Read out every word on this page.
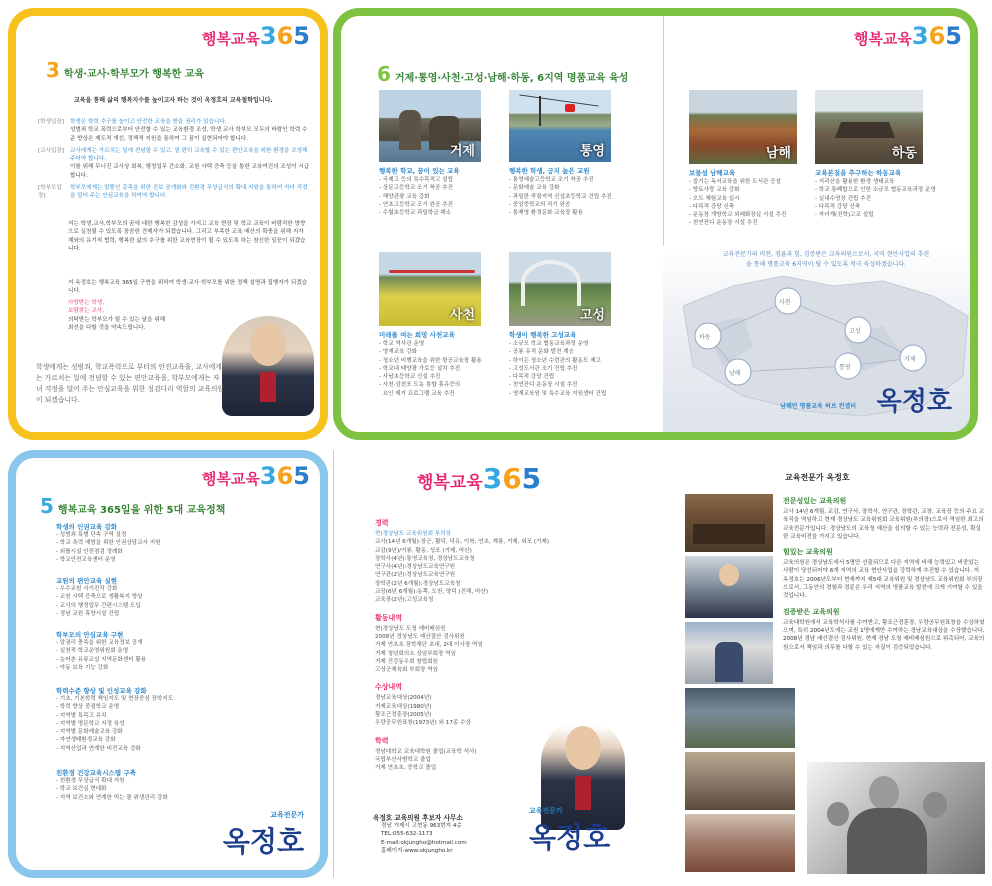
행복교육365
3 학생·교사·학부모가 행복한 교육
교육을 통해 삶의 행복지수를 높이고자 하는 것이 옥정호의 교육철학입니다.
[학생입장]	학생은 학력 추구를 높이고 안전한 교육을 받을 권리가 있습니다.
성범죄 학교 폭력으로부터 안전할 수 있는 교육환경 조성, 학생 교사 학부모 모두의 바람인 학력 수준 향상은 제도적 개선, 정책적 지원을 통하여 그 꿈이 실현되어야 합니다.
[교사입장]	교사에게는 가르치는 일에 전념할 수 있고, 열 편히 교육할 수 있는 편안교육을 위한 환경을 조성해 주어야 합니다.
이를 위해 무너진 교사상 회복, 행정업무 간소화, 교원 사택 증축 등을 통한 교육여건의 조성이 시급합니다.
[학부모입장]
학부모에게는 말뿐인 총족을 위한 진보 공개화와 진환경 무상급식의 확대 지원을 통하여 자녀 걱정을 덜어 주는 안심교육을 하여야 합니다.
저는 학생,교사,학부모의 꿈에 대한 행복한 감성을 가지고 교육 현장 및 학교 교육이 바람직한 방향으로 실천될 수 있도록 꼼꼼한 견제자가 되겠습니다. 그리고 부족한 교육 예산의 확충을 위해 지자체와의 유기적 협력, 행복한 삶의 추구를 위한 교육현장이 될 수 있도록 하는 참신한 일꾼이 되겠습니다.
저 옥정호는 행복교육 365일 구현을 위하여 학생·교사·학부모를 위한 정책 설명과 집행자가 되겠습니다.
사랑받는 학생,
보람찾는 교사,
의탁받는 학부모가 될 수 있는 날을 위해
최선을 다할 것을 약속드립니다.
학생에게는 성범죄, 학교폭력으로 부터의 안전교육을, 교사에게는 가르치는 일에 전념할 수 있는 편안교육을, 학부모에게는 자녀 걱정을 덜어 주는 안심교육을 위한 징검다리 역할의 교육의원이 되겠습니다.
행복교육365
6 거제·통영·사천·고성·남해·하동, 6지역 명품교육 육성
거제
행복한 학교, 꿈이 있는 교육
- 국제고 등의 특수목적고 설립
- 상문고등학교 조기 착공 추진
- 해양관광 교육 강화
- 연초고등학교 조기 완공 추진
- 수월초등학교 과밀학급 해소
통영
행복한 학생, 긍지 높은 교원
- 통영예술고등학교 조기 착공 추진
- 문화예술 교육 강화
- 과밀한 죽림지역 신설초등학교 건립 추진
- 중앙중학교의 직기 완공
- 통제영 환경문화 교육장 활용
남해
보물섬 남해교육
- 즐기는 독서교육을 위한 도서관 증설
- 향토사랑 교육 강화
- 오트 체험교육 실시
- 다목적 강당 신축
- 운동장 개방학교 외래화장실 시설 추진
- 천연잔디 운동장 시설 추진
하동
교육본질을 추구하는 하동교육
- 지리산을 활용한 환경 생태교육
- 학교 통폐합으로 인한 소규모 협동교육과정 운영
- 실내수영장 건립 추진
- 다목적 강당 신축
- 자녀계(진학)고교 설립
사천
미래를 여는 희망 사천교육
- 학교 역사관 운영
- 영재교육 강화
- 청소년 비행교육을 위한 항공교육장 활용
- 학교내 태양광 가로등 설치 추진
- 사남초등학교 신설 추진
- 사천·삼천포 도농 통합 휴유증의
요인 제거 프로그램 교육 추진
고성
학생이 행복한 고성교육
- 소규모 학교 협동교육과정 운영
- 공룡 유적 문화 발전 계승
- 하이든 청소년 수련관의 활동도 제고
- 고성도서관 조기 건립 추진
- 다목적 강당 건립
- 천연잔디 운동장 시설 추진
- 영재교육원 및 특수교육 지원센터 건립
하동
사천
고성
남해
통영
거제
교육전문가의 비전, 경륜과 힘, 검증받은 교육의원으로서, 지역 현안사업의 추진을 통해 명품교육 6지역이 될 수 있도록 적극 육성하겠습니다.
남해안 명품교육 허브 컨셉터 옥정호
행복교육365
5 행복교육 365일을 위한 5대 교육정책
학생의 인권교육 강화
- 성범죄 특별 단속 구역 설정
- 학교 폭력 예방을 위한 인권상담교사 지원
- 외톨시설 안전점검 정례화
- 학교안전교육센터 운영
교원의 편안교육 실현
- 우수교원 사기진작 강화
- 교원 사택 증축으로 생활복지 향상
- 교사의 행정업무 간편시스템 도입
- 경남 교원 휴양시설 건립
학부모의 안심교육 구현
- 알권리 충족을 위한 교육정보 공개
- 실천적 학교운영위원회 운영
- 농어촌 유류교실 지역문화센터 활용
- 야동 보육 기능 강화
학력수준 향상 및 인성교육 강화
- 기초, 기본학력 책임지도 및 현장중심 장학지도
- 학력 향상 중점학교 운영
- 지역별 특목고 유치
- 지역별 명문학교 지정 육성
- 지역별 문화예술교육 강화
- 자연생태환경교육 강화
- 지역산업과 연계한 비전교육 강화
친환경 건강교육시스템 구축
- 친환경 무상급식 확대 지원
- 학교 보건실 현대화
- 지역 보건소와 연계한 먹는 물 위생관리 강화
교육전문가
옥정호
행복교육365
경력
현)경상남도 교육위원회 부의장
교사(14년 6개월):장군, 활덕, 덕유, 이북, 연초, 계룡, 거제, 외포 (거제)
교감(9년)/거룡, 활동, 성포 (거제, 마산)
장학사(4년):통영교육청, 경상남도교육청
연구사(4년):경상남도교육연구원
연구관(2년):경상남도교육연구원
장학관(2년 6개월):경상남도교육청
교장(6년 6개월):동쪽, 도천, 양덕 (진해, 마산)
교육장(2년):고성교육청
활동내역
현)경상남도 도청 예비배심원
2008년 경상남도 예산결산 검사위원
거제 연초초 장학재단 초대, 2대 이사장 역임
거제 청년회의소 상임부회장 역임
거제 건강동우회 창립회원
고성군체육회 부회장 역임
수상내역
경남교육대상(2004년)
거제교육대상(1980년)
황조근정훈장(2005년)
우량공무원표창(1973년) 외 17종 수상
학력
경남대학교 교육대학원 졸업(교육학 석사)
국립부산사범학교 졸업
거제 연초초, 중학교 졸업
옥정호 교육의원 후보자 사무소
경남 거제시 고현동 963번지 4층
TEL:055-632-1173
E-mail:okjungho@hotmail.com
홈페이지:www.okjungho.kr
교육전문가
옥정호
교육전문가 옥정호
전문성있는 교육의원
교사 14년 6개월, 교감, 연구사, 장학사, 연구관, 장학관, 교장, 교육장 등의 주요 교육직을 역임하고 현재 경상남도 교육위원회 교육위원(부의장)으로서 역임한 최고의 교육전문가입니다. 경상남도의 교육청 예산을 심의할 수 있는 능력과 전문성, 확실한 교육비전을 가지고 있습니다.
힘있는 교육의원
교육의원은 경상남도에서 5명만 선출되므로 다른 지역에 비해 능력있고 비중있는 사람이 당선되어야 6개 지역의 교육 현안사업을 강력하게 추진할 수 있습니다. 저 옥정호는 2006년도부터 현재까지 제5대 교육위원 및 경상남도 교육위원회 부의장으로서, 그동안의 경험과 경륜은 우리 지역의 명품교육 발전에 크게 기여할 수 있을 것입니다.
검증받은 교육의원
교육대학원에서 교육학석사를 수여받고, 황조근정훈장, 우량공무원표창을 수상하였으며, 특히 2004년도에는 교원 1명에게만 수여하는 경남교육대상을 수상했습니다. 2008년 경남 예산결산 검사위원, 현재 경남 도청 예비배심원으로 위촉되어, 교육의원으로서 책임과 의무를 다할 수 있는 자질이 검증되었습니다.
